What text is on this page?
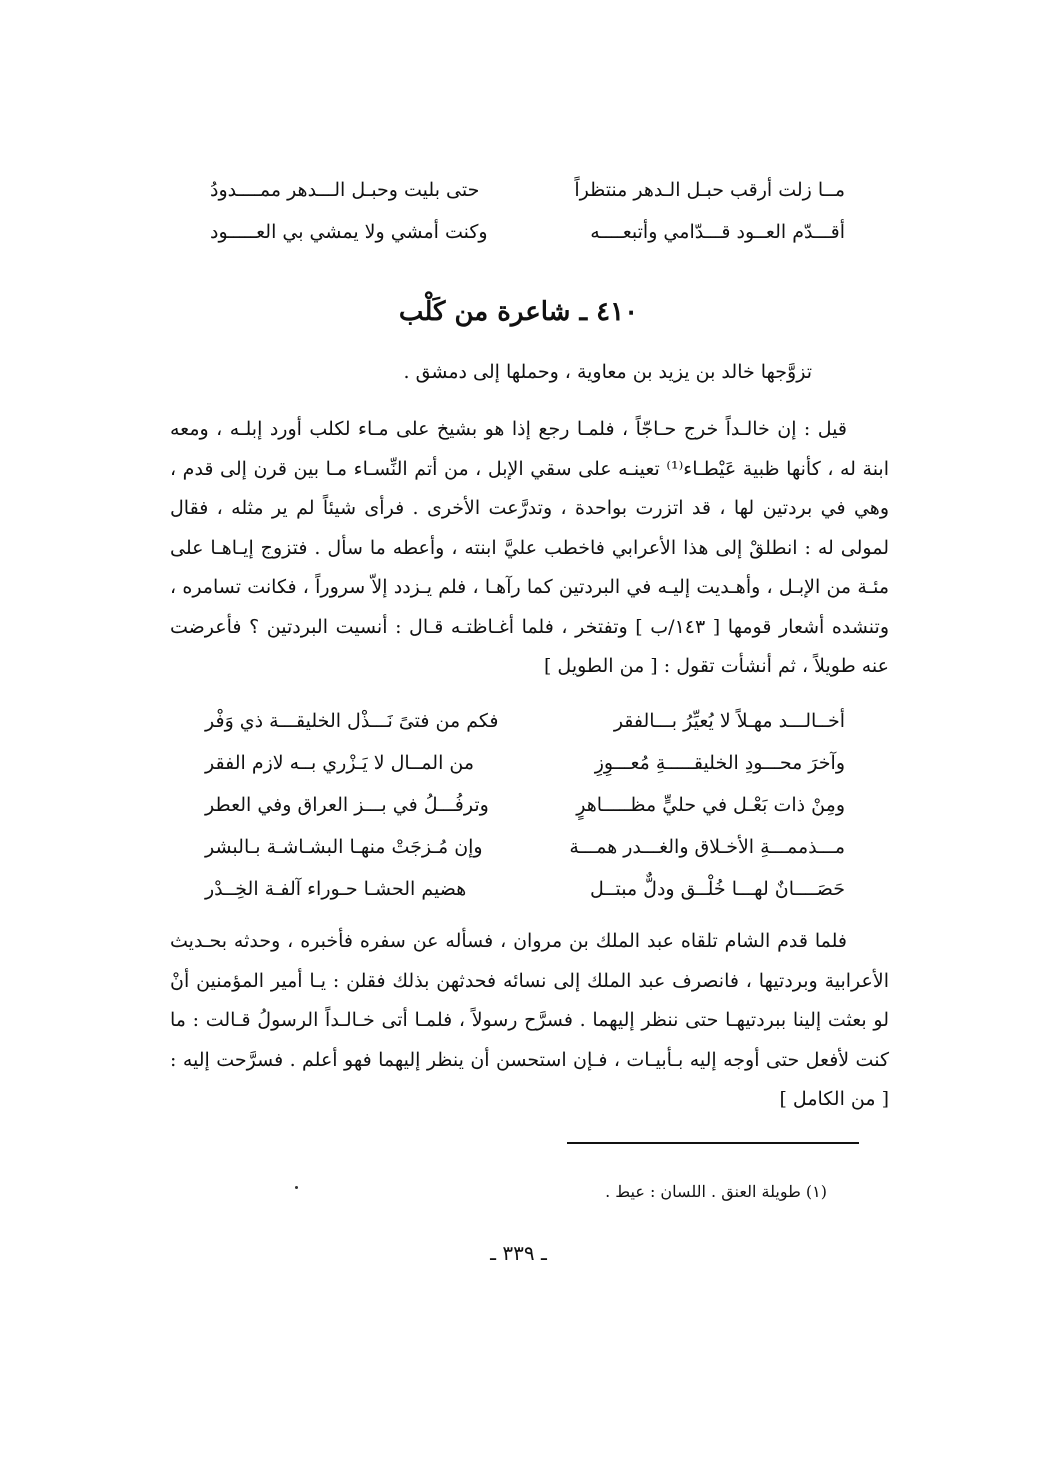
مــا زلت أرقب حبـل الـدهر منتظراً
حتى بليت وحبـل الـــدهر ممــــدودُ
أقـــدّم العــود قـــدّامي وأتبعــــه
وكنت أمشي ولا يمشي بي العـــــود
٤١٠ ـ شاعرة من كَلْب

تزوَّجها خالد بن يزيد بن معاوية ، وحملها إلى دمشق .

قيل : إن خالـداً خرج حـاجّاً ، فلمـا رجع إذا هو بشيخ على مـاء لكلب أورد إبلـه ، ومعه ابنة له ، كأنها ظبية عَيْطـاء⁽¹⁾ تعينـه على سقي الإبل ، من أتم النِّسـاء مـا بين قرن إلى قدم ، وهي في بردتين لها ، قد اتزرت بواحدة ، وتدرَّعت الأخرى . فرأى شيئاً لم ير مثله ، فقال لمولى له : انطلقْ إلى هذا الأعرابي فاخطب عليَّ ابنته ، وأعطه ما سأل . فتزوج إيـاهـا على مئـة من الإبـل ، وأهـديت إليـه في البردتين كما رآهـا ، فلم يـزدد إلاّ سروراً ، فكانت تسامره ، وتنشده أشعار قومها [ ١٤٣/ب ] وتفتخر ، فلما أغـاظتـه قـال : أنسيت البردتين ؟ فأعرضت عنه طويلاً ، ثم أنشأت تقول : [ من الطويل ]

أخــالـــد مهـلاً لا يُعيِّرُ بـــالفقر
فكم من فتىً نَـــذْل الخليقـــة ذي وَفْر
وآخرَ محـــودِ الخليقـــــةِ مُعـــوِزِ
من المــال لا يَـزْري بــه لازم الفقر
ومِنْ ذات بَعْـل في حليٍّ مظـــــاهرٍ
وترفُـــلُ في بـــز العراق وفي العطر
مـــذممـــةِ الأخـلاق والغـــدر همـــة
وإن مُـزجَتْ منهـا البشـاشـة بـالبشر
حَصَــــانٌ لهـــا خُلْــق ودلٌّ مبتــل
هضيم الحشـا حـوراء آلفـة الخِــدْر

فلما قدم الشام تلقاه عبد الملك بن مروان ، فسأله عن سفره فأخبره ، وحدثه بحـديث الأعرابية وبردتيها ، فانصرف عبد الملك إلى نسائه فحدثهن بذلك فقلن : يـا أمير المؤمنين أنْ لو بعثت إلينا ببردتيهـا حتى ننظر إليهما . فسرَّح رسولاً ، فلمـا أتى خـالـداً الرسولُ قـالت : ما كنت لأفعل حتى أوجه إليه بـأبيـات ، فـإن استحسن أن ينظر إليهما فهو أعلم . فسرَّحت إليه : [ من الكامل ]

(١) طويلة العنق . اللسان : عيط .
ـ ٣٣٩ ـ
